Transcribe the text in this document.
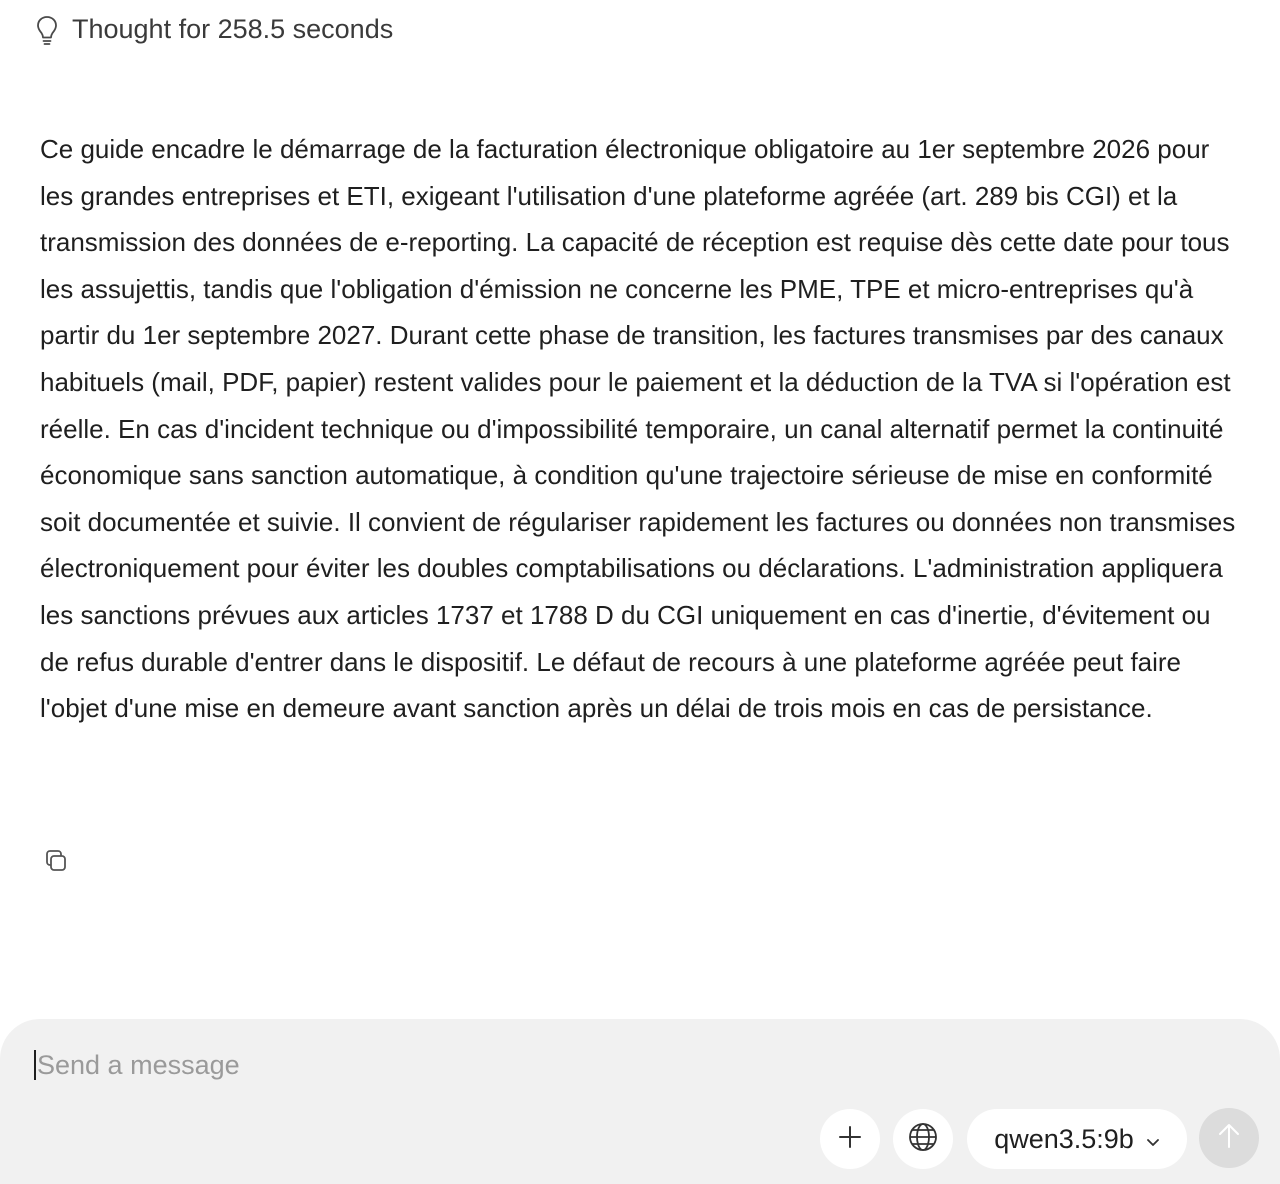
Thought for 258.5 seconds

Ce guide encadre le démarrage de la facturation électronique obligatoire au 1er septembre 2026 pour les grandes entreprises et ETI, exigeant l'utilisation d'une plateforme agréée (art. 289 bis CGI) et la transmission des données de e-reporting. La capacité de réception est requise dès cette date pour tous les assujettis, tandis que l'obligation d'émission ne concerne les PME, TPE et micro-entreprises qu'à partir du 1er septembre 2027. Durant cette phase de transition, les factures transmises par des canaux habituels (mail, PDF, papier) restent valides pour le paiement et la déduction de la TVA si l'opération est réelle. En cas d'incident technique ou d'impossibilité temporaire, un canal alternatif permet la continuité économique sans sanction automatique, à condition qu'une trajectoire sérieuse de mise en conformité soit documentée et suivie. Il convient de régulariser rapidement les factures ou données non transmises électroniquement pour éviter les doubles comptabilisations ou déclarations. L'administration appliquera les sanctions prévues aux articles 1737 et 1788 D du CGI uniquement en cas d'inertie, d'évitement ou de refus durable d'entrer dans le dispositif. Le défaut de recours à une plateforme agréée peut faire l'objet d'une mise en demeure avant sanction après un délai de trois mois en cas de persistance.

Send a message
qwen3.5:9b
